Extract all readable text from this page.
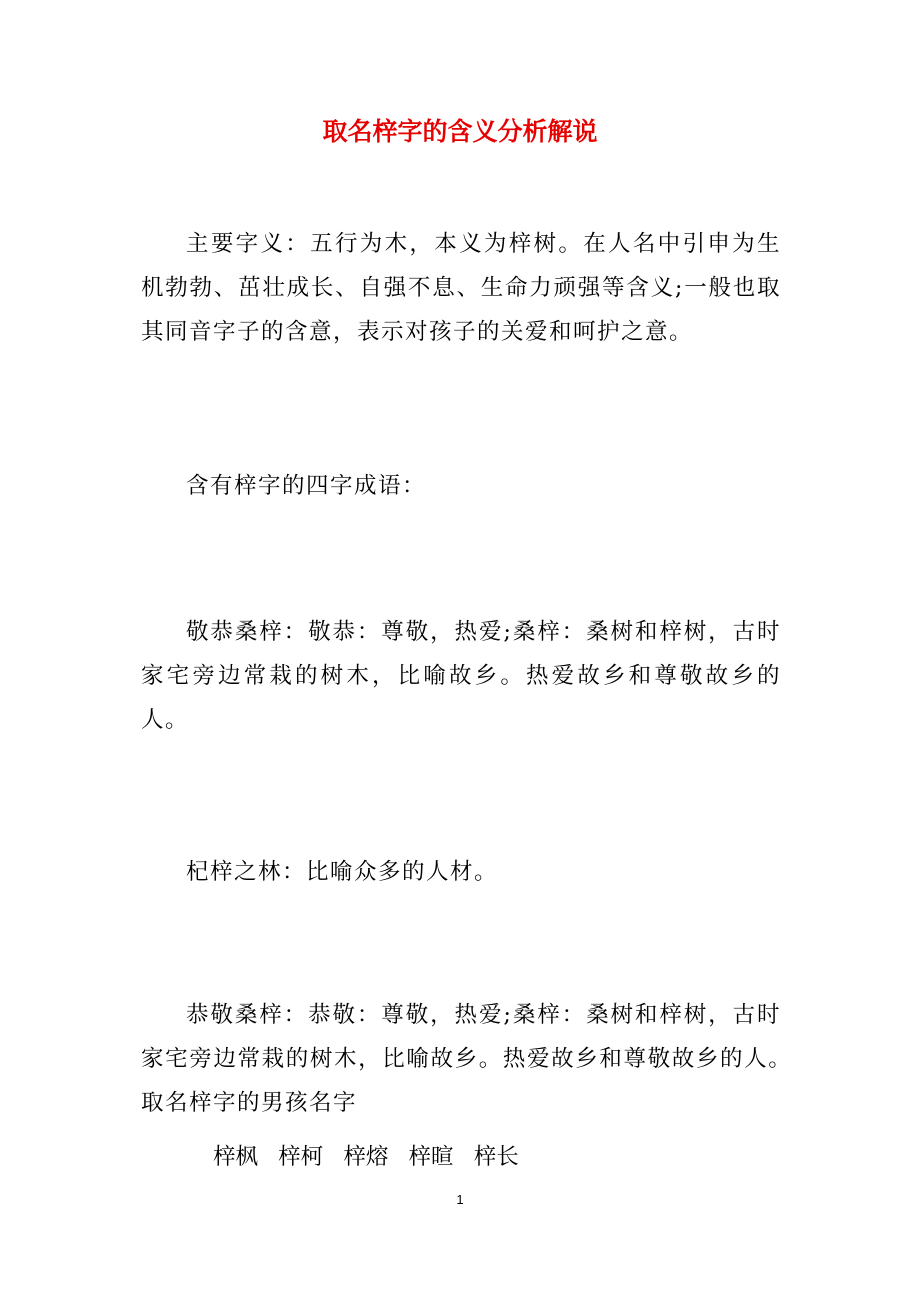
取名梓字的含义分析解说

主要字义：五行为木，本义为梓树。在人名中引申为生机勃勃、茁壮成长、自强不息、生命力顽强等含义;一般也取其同音字子的含意，表示对孩子的关爱和呵护之意。

含有梓字的四字成语：

敬恭桑梓：敬恭：尊敬，热爱;桑梓：桑树和梓树，古时家宅旁边常栽的树木，比喻故乡。热爱故乡和尊敬故乡的人。

杞梓之林：比喻众多的人材。

恭敬桑梓：恭敬：尊敬，热爱;桑梓：桑树和梓树，古时家宅旁边常栽的树木，比喻故乡。热爱故乡和尊敬故乡的人。　取名梓字的男孩名字

梓枫 梓柯 梓熔 梓暄 梓长
1
